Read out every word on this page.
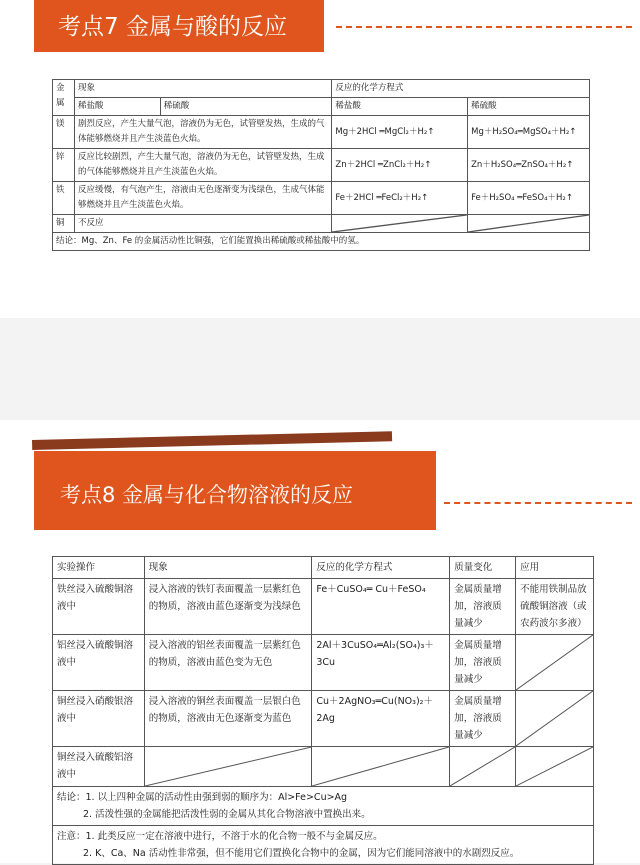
考点7 金属与酸的反应
金属	现象		反应的化学方程式	
	稀盐酸	稀硫酸	稀盐酸	稀硫酸
镁	剧烈反应，产生大量气泡，溶液仍为无色，试管壁发热，生成的气体能够燃烧并且产生淡蓝色火焰。		Mg＋2HCl ═MgCl₂＋H₂↑	Mg＋H₂SO₄═MgSO₄＋H₂↑
锌	反应比较剧烈，产生大量气泡，溶液仍为无色，试管壁发热，生成的气体能够燃烧并且产生淡蓝色火焰。		Zn＋2HCl ═ZnCl₂＋H₂↑	Zn＋H₂SO₄═ZnSO₄＋H₂↑
铁	反应缓慢，有气泡产生，溶液由无色逐渐变为浅绿色，生成气体能够燃烧并且产生淡蓝色火焰。		Fe＋2HCl ═FeCl₂＋H₂↑	Fe＋H₂SO₄ ═FeSO₄＋H₂↑
铜	不反应	

结论：Mg、Zn、Fe 的金属活动性比铜强，它们能置换出稀硫酸或稀盐酸中的氢。				
考点8 金属与化合物溶液的反应
实验操作	现象	反应的化学方程式	质量变化	应用
铁丝浸入硫酸铜溶液中	浸入溶液的铁钉表面覆盖一层紫红色的物质，溶液由蓝色逐渐变为浅绿色	Fe＋CuSO₄═ Cu＋FeSO₄	金属质量增加，溶液质量减少	不能用铁制品放硫酸铜溶液（或农药波尔多液）
铝丝浸入硫酸铜溶液中	浸入溶液的铝丝表面覆盖一层紫红色的物质，溶液由蓝色变为无色	2Al＋3CuSO₄═Al₂(SO₄)₃＋3Cu	金属质量增加，溶液质量减少	

铜丝浸入硝酸银溶液中	浸入溶液的铜丝表面覆盖一层银白色的物质，溶液由无色逐渐变为蓝色	Cu＋2AgNO₃═Cu(NO₃)₂＋2Ag	金属质量增加，溶液质量减少	

铜丝浸入硫酸铝溶液中	

结论：1. 以上四种金属的活动性由强到弱的顺序为：Al>Fe>Cu>Ag
2. 活泼性强的金属能把活泼性弱的金属从其化合物溶液中置换出来。				

注意：1. 此类反应一定在溶液中进行，不溶于水的化合物一般不与金属反应。
2. K、Ca、Na 活动性非常强，但不能用它们置换化合物中的金属，因为它们能同溶液中的水剧烈反应。				
